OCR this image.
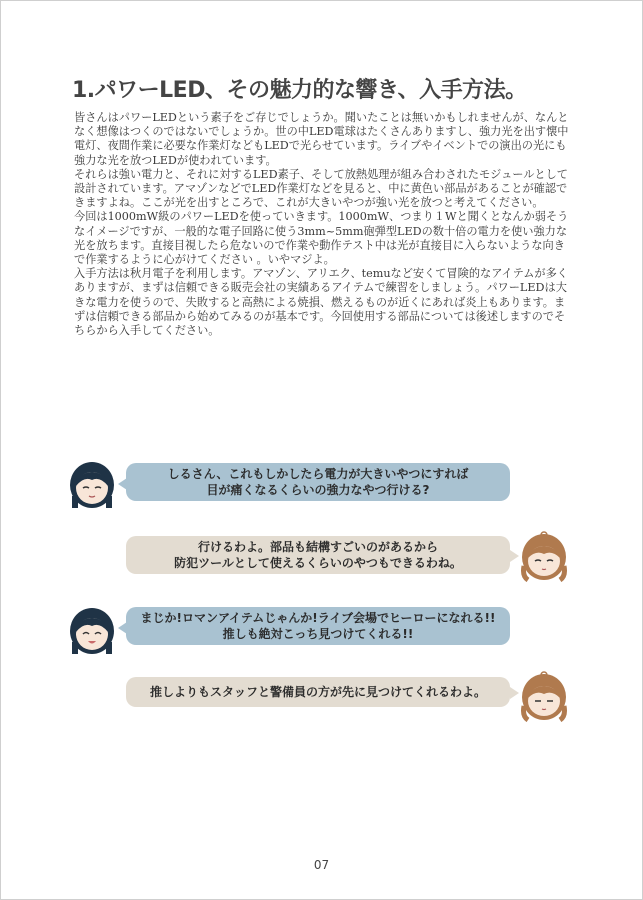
1.パワーLED、その魅力的な響き、入手方法。

皆さんはパワーLEDという素子をご存じでしょうか。聞いたことは無いかもしれませんが、なんとなく想像はつくのではないでしょうか。世の中LED電球はたくさんありますし、強力光を出す懐中電灯、夜間作業に必要な作業灯などもLEDで光らせています。ライブやイベントでの演出の光にも強力な光を放つLEDが使われています。

それらは強い電力と、それに対するLED素子、そして放熱処理が組み合わされたモジュールとして設計されています。アマゾンなどでLED作業灯などを見ると、中に黄色い部品があることが確認できますよね。ここが光を出すところで、これが大きいやつが強い光を放つと考えてください。

今回は1000mW級のパワーLEDを使っていきます。1000mW、つまり１Wと聞くとなんか弱そうなイメージですが、一般的な電子回路に使う3mm~5mm砲弾型LEDの数十倍の電力を使い強力な光を放ちます。直接目視したら危ないので作業や動作テスト中は光が直接目に入らないような向きで作業するように心がけてください 。いやマジよ。

入手方法は秋月電子を利用します。アマゾン、アリエク、temuなど安くて冒険的なアイテムが多くありますが、まずは信頼できる販売会社の実績あるアイテムで練習をしましょう。パワーLEDは大きな電力を使うので、失敗すると高熱による焼損、燃えるものが近くにあれば炎上もあります。まずは信頼できる部品から始めてみるのが基本です。今回使用する部品については後述しますのでそちらから入手してください。

しるさん、これもしかしたら電力が大きいやつにすれば
目が痛くなるくらいの強力なやつ行ける?
行けるわよ。部品も結構すごいのがあるから
防犯ツールとして使えるくらいのやつもできるわね。
まじか!ロマンアイテムじゃんか!ライブ会場でヒーローになれる!!
推しも絶対こっち見つけてくれる!!
推しよりもスタッフと警備員の方が先に見つけてくれるわよ。
07
